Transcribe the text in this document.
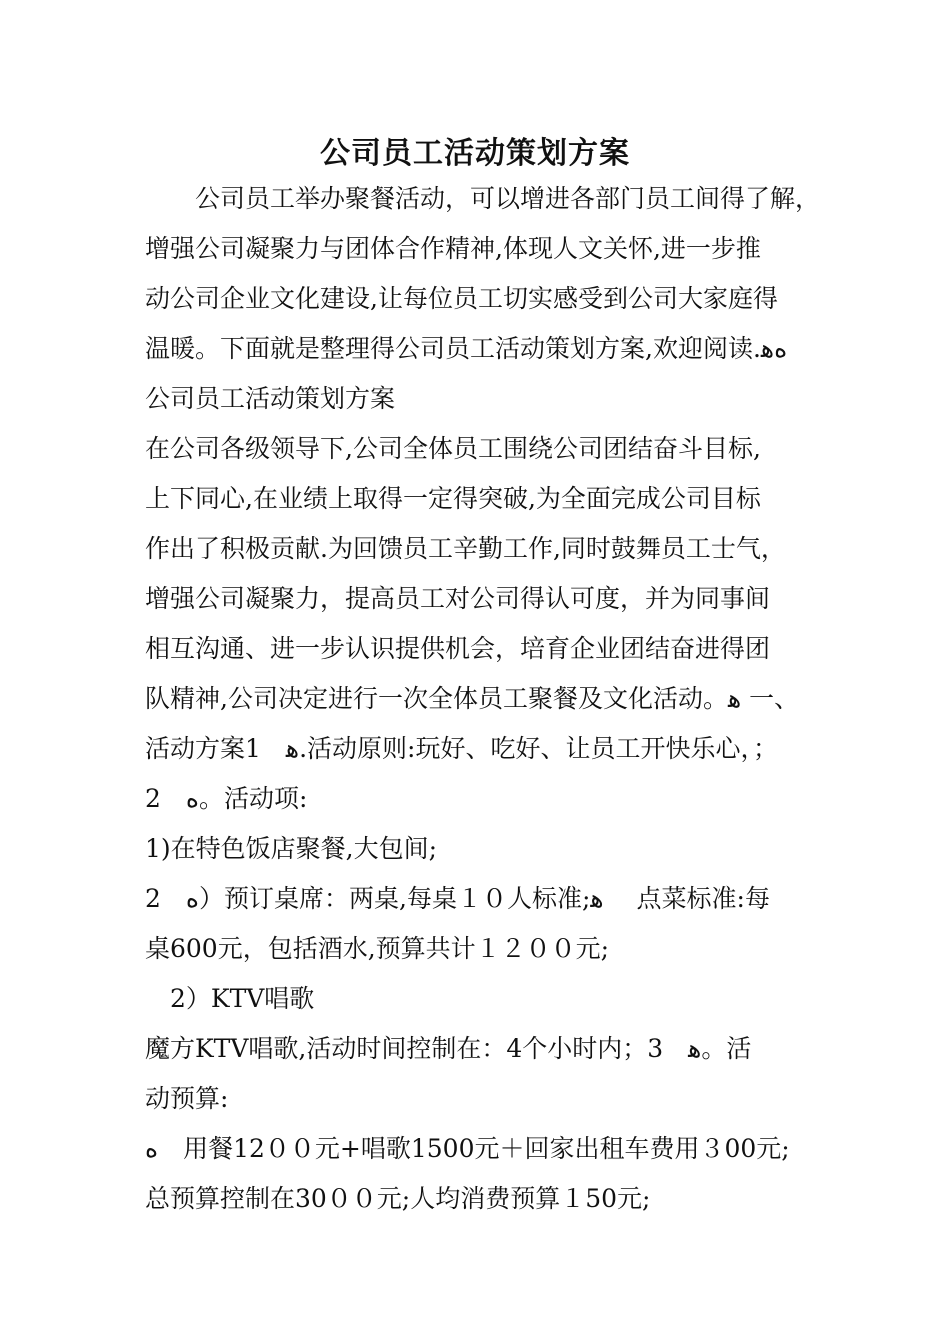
公司员工活动策划方案
　　公司员工举办聚餐活动，可以增进各部门员工间得了解，
增强公司凝聚力与团体合作精神,体现人文关怀,进一步推
动公司企业文化建设,让每位员工切实感受到公司大家庭得
温暖。下面就是整理得公司员工活动策划方案,欢迎阅读.ﻩﻫ
公司员工活动策划方案
在公司各级领导下,公司全体员工围绕公司团结奋斗目标,
上下同心,在业绩上取得一定得突破,为全面完成公司目标
作出了积极贡献.为回馈员工辛勤工作,同时鼓舞员工士气，
增强公司凝聚力，提高员工对公司得认可度，并为同事间
相互沟通、进一步认识提供机会，培育企业团结奋进得团
队精神,公司决定进行一次全体员工聚餐及文化活动。ﻫ 一、
活动方案1　ﻫ.活动原则:玩好、吃好、让员工开快乐心，；
2　ﻩ。活动项:
1)在特色饭店聚餐,大包间;
2　ﻩ）预订桌席：两桌,每桌１０人标准;ﻫ　 点菜标准:每
桌600元，包括酒水,预算共计１２００元;
　2）KTV唱歌
魔方KTV唱歌,活动时间控制在：4个小时内；3　ﻫ。活
动预算:
ﻩ　用餐12００元+唱歌1500元＋回家出租车费用３00元;
总预算控制在30００元;人均消费预算１50元;
